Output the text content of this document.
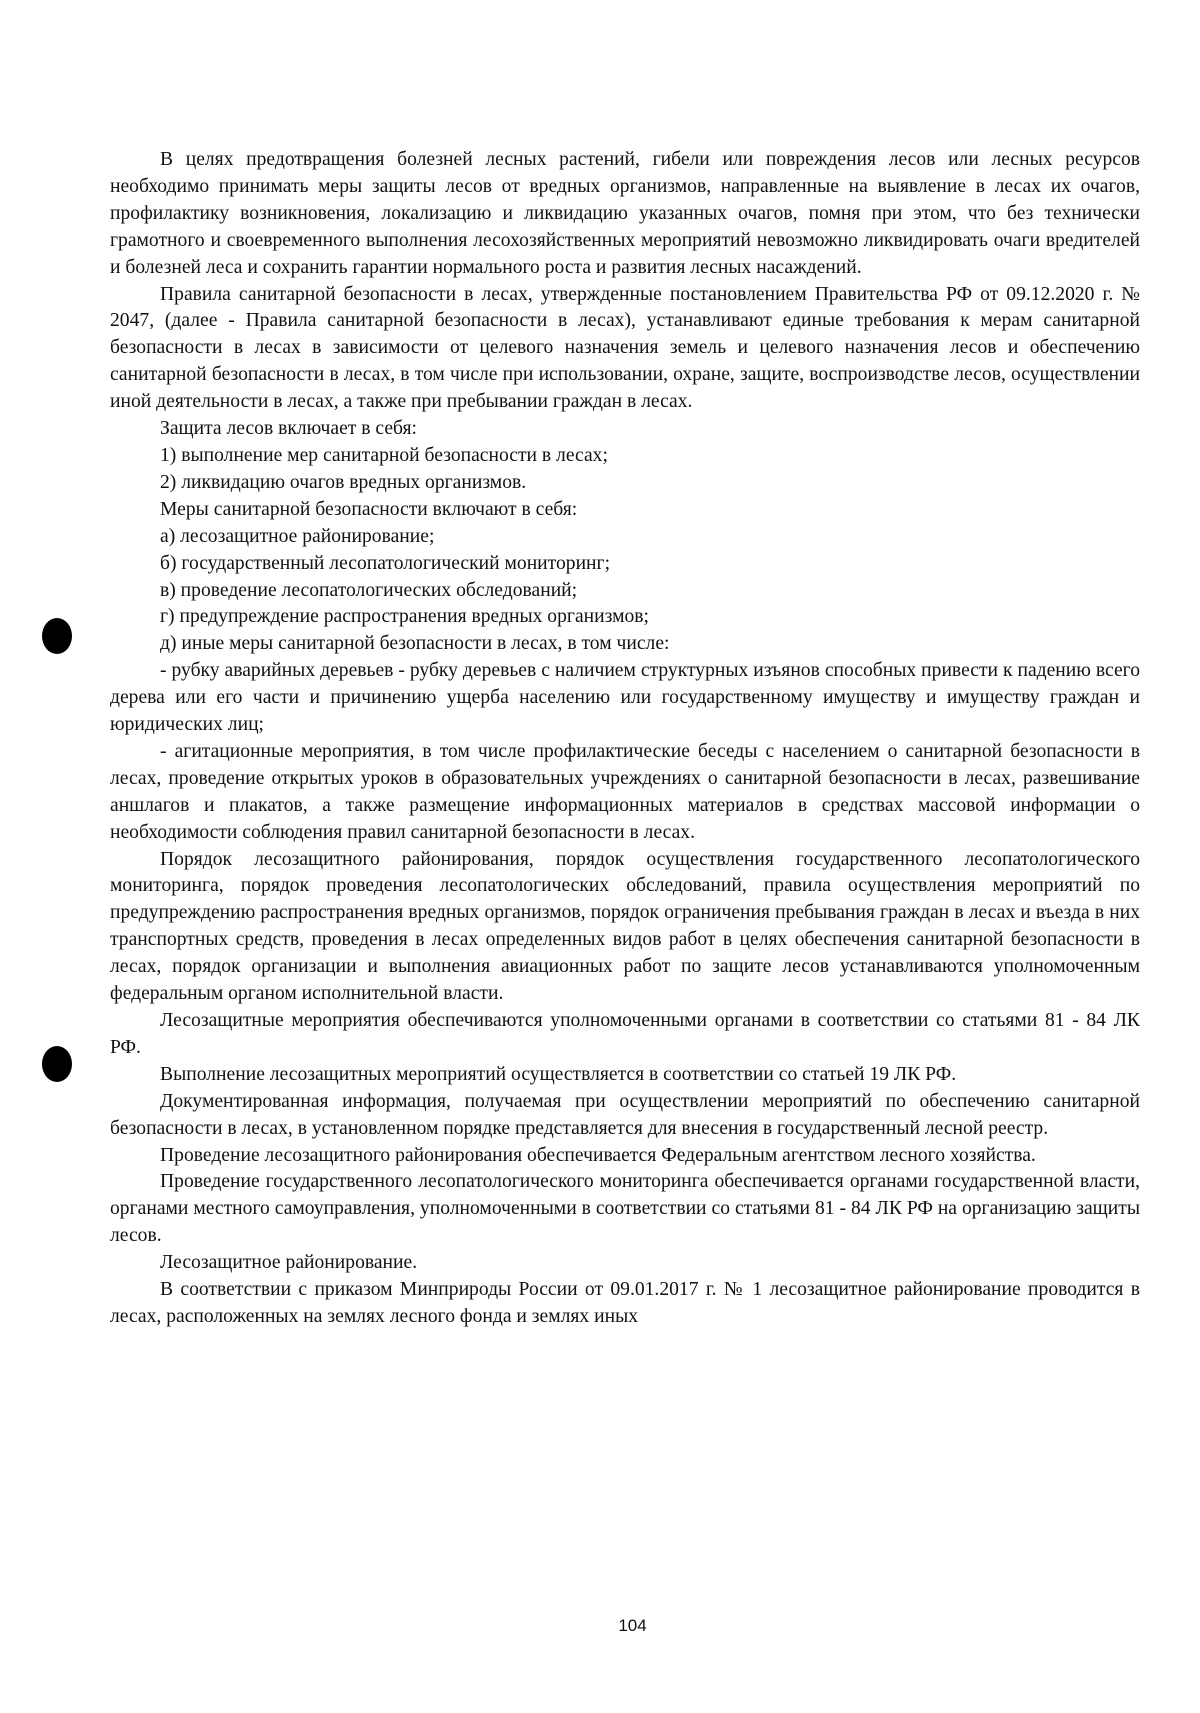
В целях предотвращения болезней лесных растений, гибели или повреждения лесов или лесных ресурсов необходимо принимать меры защиты лесов от вредных организмов, направленные на выявление в лесах их очагов, профилактику возникновения, локализацию и ликвидацию указанных очагов, помня при этом, что без технически грамотного и своевременного выполнения лесохозяйственных мероприятий невозможно ликвидировать очаги вредителей и болезней леса и сохранить гарантии нормального роста и развития лесных насаждений.

Правила санитарной безопасности в лесах, утвержденные постановлением Правительства РФ от 09.12.2020 г. № 2047, (далее - Правила санитарной безопасности в лесах), устанавливают единые требования к мерам санитарной безопасности в лесах в зависимости от целевого назначения земель и целевого назначения лесов и обеспечению санитарной безопасности в лесах, в том числе при использовании, охране, защите, воспроизводстве лесов, осуществлении иной деятельности в лесах, а также при пребывании граждан в лесах.

Защита лесов включает в себя:

1) выполнение мер санитарной безопасности в лесах;

2) ликвидацию очагов вредных организмов.

Меры санитарной безопасности включают в себя:

а) лесозащитное районирование;

б) государственный лесопатологический мониторинг;

в) проведение лесопатологических обследований;

г) предупреждение распространения вредных организмов;

д) иные меры санитарной безопасности в лесах, в том числе:

- рубку аварийных деревьев - рубку деревьев с наличием структурных изъянов способных привести к падению всего дерева или его части и причинению ущерба населению или государственному имуществу и имуществу граждан и юридических лиц;

- агитационные мероприятия, в том числе профилактические беседы с населением о санитарной безопасности в лесах, проведение открытых уроков в образовательных учреждениях о санитарной безопасности в лесах, развешивание аншлагов и плакатов, а также размещение информационных материалов в средствах массовой информации о необходимости соблюдения правил санитарной безопасности в лесах.

Порядок лесозащитного районирования, порядок осуществления государственного лесопатологического мониторинга, порядок проведения лесопатологических обследований, правила осуществления мероприятий по предупреждению распространения вредных организмов, порядок ограничения пребывания граждан в лесах и въезда в них транспортных средств, проведения в лесах определенных видов работ в целях обеспечения санитарной безопасности в лесах, порядок организации и выполнения авиационных работ по защите лесов устанавливаются уполномоченным федеральным органом исполнительной власти.

Лесозащитные мероприятия обеспечиваются уполномоченными органами в соответствии со статьями 81 - 84 ЛК РФ.

Выполнение лесозащитных мероприятий осуществляется в соответствии со статьей 19 ЛК РФ.

Документированная информация, получаемая при осуществлении мероприятий по обеспечению санитарной безопасности в лесах, в установленном порядке представляется для внесения в государственный лесной реестр.

Проведение лесозащитного районирования обеспечивается Федеральным агентством лесного хозяйства.

Проведение государственного лесопатологического мониторинга обеспечивается органами государственной власти, органами местного самоуправления, уполномоченными в соответствии со статьями 81 - 84 ЛК РФ на организацию защиты лесов.

Лесозащитное районирование.

В соответствии с приказом Минприроды России от 09.01.2017 г. № 1 лесозащитное районирование проводится в лесах, расположенных на землях лесного фонда и землях иных

104
